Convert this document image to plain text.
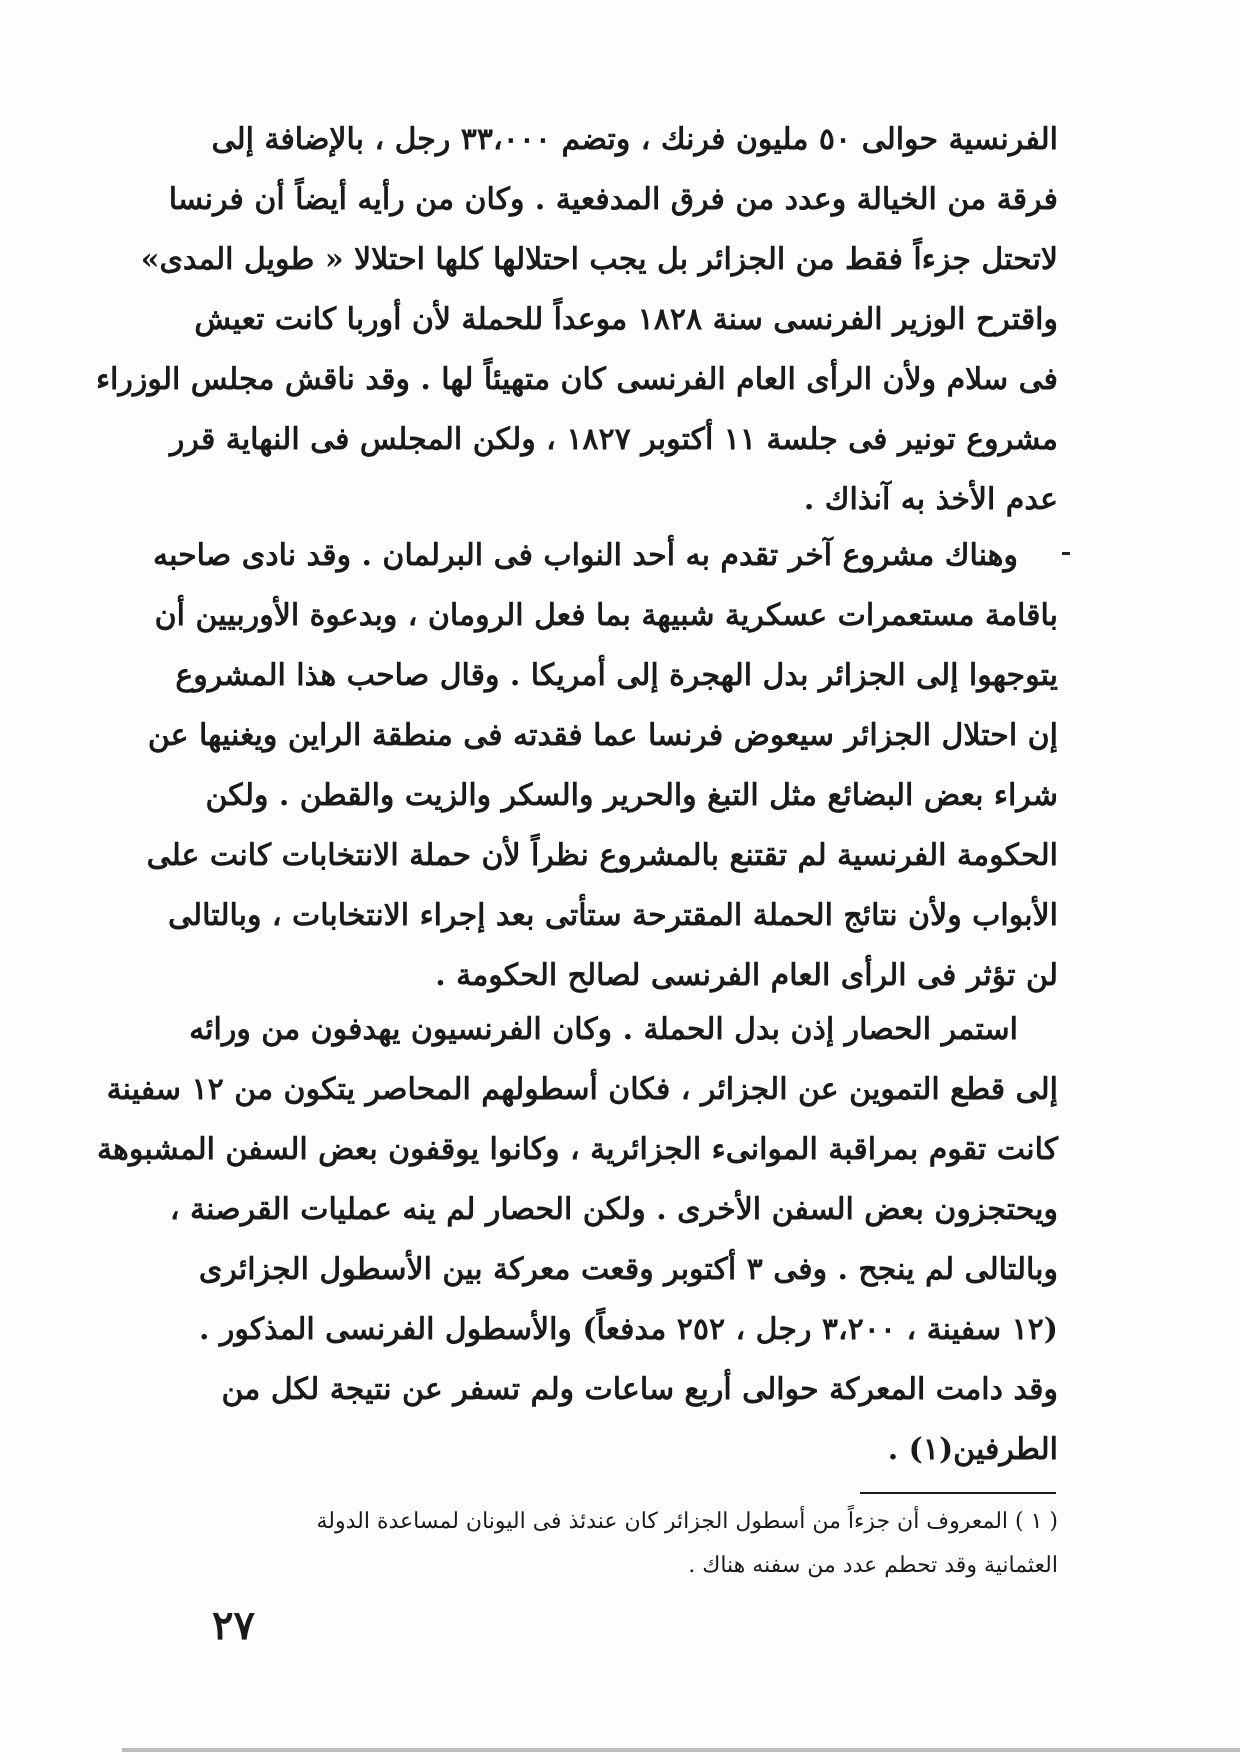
الفرنسية حوالى ٥٠ مليون فرنك ، وتضم ٣٣،٠٠٠ رجل ، بالإضافة إلى
فرقة من الخيالة وعدد من فرق المدفعية . وكان من رأيه أيضاً أن فرنسا
لاتحتل جزءاً فقط من الجزائر بل يجب احتلالها كلها احتلالا « طويل المدى»
واقترح الوزير الفرنسى سنة ١٨٢٨ موعداً للحملة لأن أوربا كانت تعيش
فى سلام ولأن الرأى العام الفرنسى كان متهيئاً لها . وقد ناقش مجلس الوزراء
مشروع تونير فى جلسة ١١ أكتوبر ١٨٢٧ ، ولكن المجلس فى النهاية قرر
عدم الأخذ به آنذاك .
وهناك مشروع آخر تقدم به أحد النواب فى البرلمان . وقد نادى صاحبه
باقامة مستعمرات عسكرية شبيهة بما فعل الرومان ، وبدعوة الأوربيين أن
يتوجهوا إلى الجزائر بدل الهجرة إلى أمريكا . وقال صاحب هذا المشروع
إن احتلال الجزائر سيعوض فرنسا عما فقدته فى منطقة الراين ويغنيها عن
شراء بعض البضائع مثل التبغ والحرير والسكر والزيت والقطن . ولكن
الحكومة الفرنسية لم تقتنع بالمشروع نظراً لأن حملة الانتخابات كانت على
الأبواب ولأن نتائج الحملة المقترحة ستأتى بعد إجراء الانتخابات ، وبالتالى
لن تؤثر فى الرأى العام الفرنسى لصالح الحكومة .
استمر الحصار إذن بدل الحملة . وكان الفرنسيون يهدفون من ورائه
إلى قطع التموين عن الجزائر ، فكان أسطولهم المحاصر يتكون من ١٢ سفينة
كانت تقوم بمراقبة الموانىء الجزائرية ، وكانوا يوقفون بعض السفن المشبوهة
ويحتجزون بعض السفن الأخرى . ولكن الحصار لم ينه عمليات القرصنة ،
وبالتالى لم ينجح . وفى ٣ أكتوبر وقعت معركة بين الأسطول الجزائرى
(١٢ سفينة ، ٣،٢٠٠ رجل ، ٢٥٢ مدفعاً) والأسطول الفرنسى المذكور .
وقد دامت المعركة حوالى أربع ساعات ولم تسفر عن نتيجة لكل من
الطرفين(١) .
( ١ ) المعروف أن جزءاً من أسطول الجزائر كان عندئذ فى اليونان لمساعدة الدولة
العثمانية وقد تحطم عدد من سفنه هناك .
٢٧
